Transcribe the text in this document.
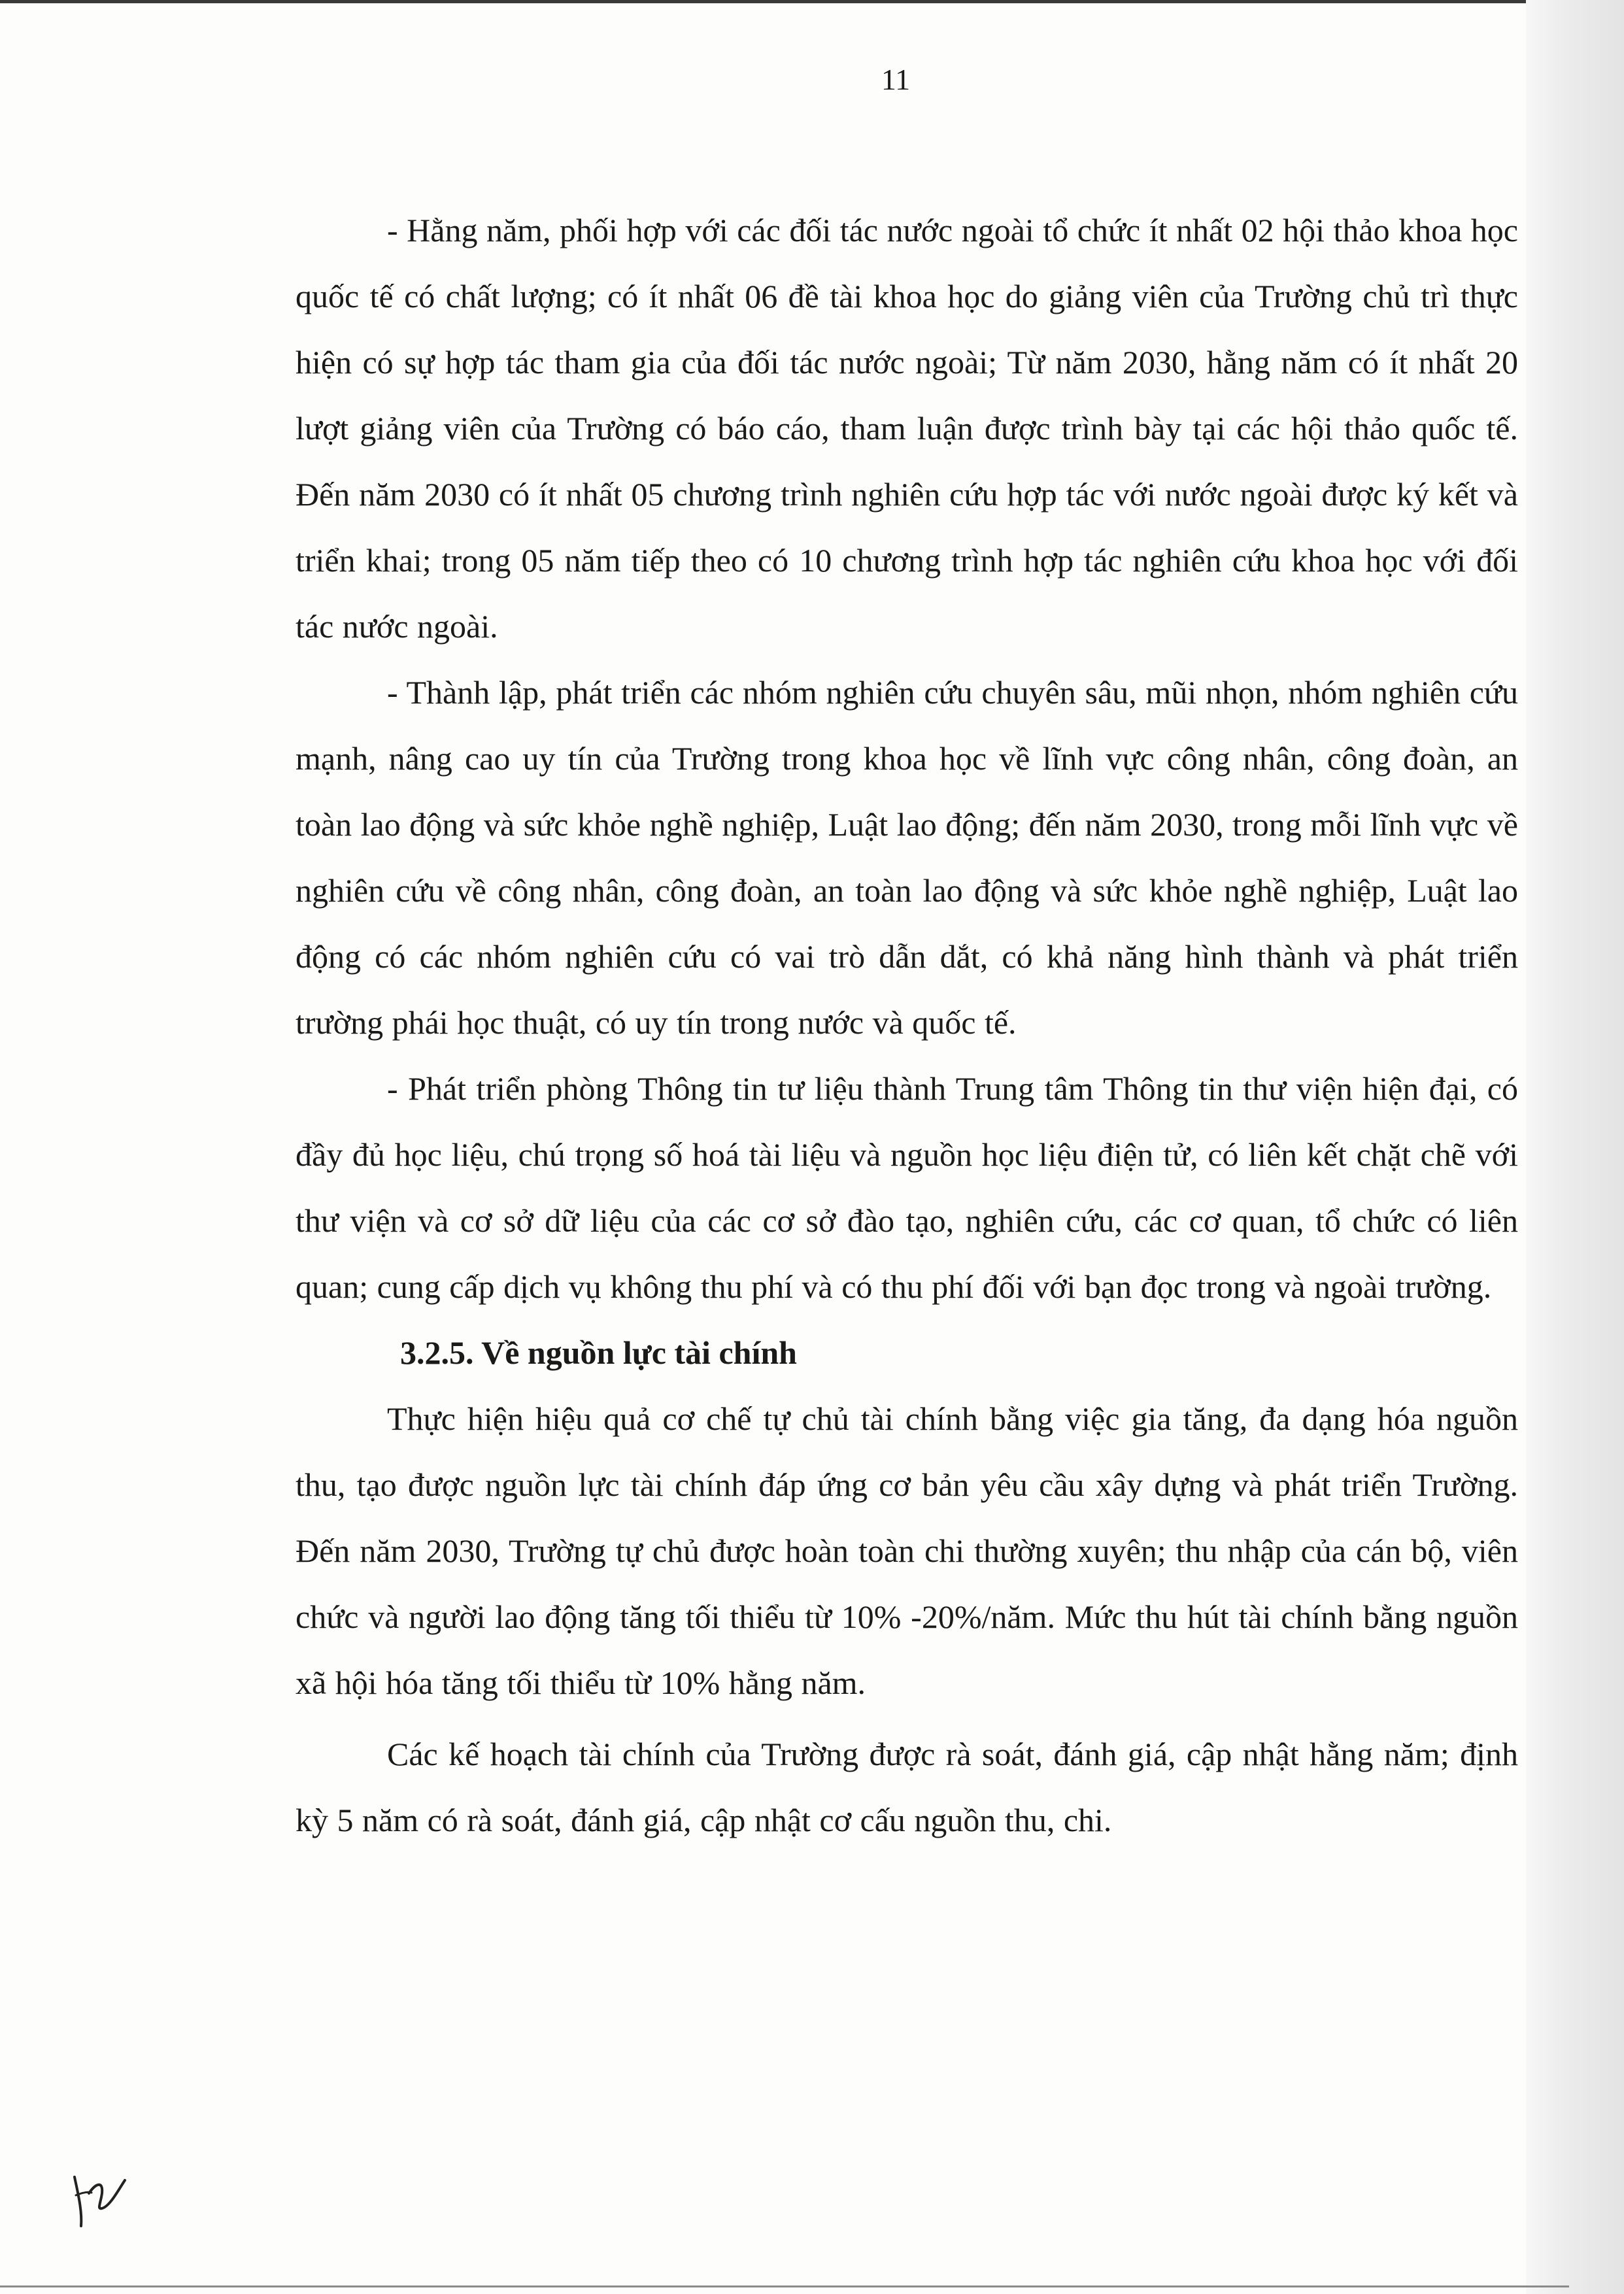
11

- Hằng năm, phối hợp với các đối tác nước ngoài tổ chức ít nhất 02 hội thảo khoa học quốc tế có chất lượng; có ít nhất 06 đề tài khoa học do giảng viên của Trường chủ trì thực hiện có sự hợp tác tham gia của đối tác nước ngoài; Từ năm 2030, hằng năm có ít nhất 20 lượt giảng viên của Trường có báo cáo, tham luận được trình bày tại các hội thảo quốc tế. Đến năm 2030 có ít nhất 05 chương trình nghiên cứu hợp tác với nước ngoài được ký kết và triển khai; trong 05 năm tiếp theo có 10 chương trình hợp tác nghiên cứu khoa học với đối tác nước ngoài.

- Thành lập, phát triển các nhóm nghiên cứu chuyên sâu, mũi nhọn, nhóm nghiên cứu mạnh, nâng cao uy tín của Trường trong khoa học về lĩnh vực công nhân, công đoàn, an toàn lao động và sức khỏe nghề nghiệp, Luật lao động; đến năm 2030, trong mỗi lĩnh vực về nghiên cứu về công nhân, công đoàn, an toàn lao động và sức khỏe nghề nghiệp, Luật lao động có các nhóm nghiên cứu có vai trò dẫn dắt, có khả năng hình thành và phát triển trường phái học thuật, có uy tín trong nước và quốc tế.

- Phát triển phòng Thông tin tư liệu thành Trung tâm Thông tin thư viện hiện đại, có đầy đủ học liệu, chú trọng số hoá tài liệu và nguồn học liệu điện tử, có liên kết chặt chẽ với thư viện và cơ sở dữ liệu của các cơ sở đào tạo, nghiên cứu, các cơ quan, tổ chức có liên quan; cung cấp dịch vụ không thu phí và có thu phí đối với bạn đọc trong và ngoài trường.

3.2.5. Về nguồn lực tài chính

Thực hiện hiệu quả cơ chế tự chủ tài chính bằng việc gia tăng, đa dạng hóa nguồn thu, tạo được nguồn lực tài chính đáp ứng cơ bản yêu cầu xây dựng và phát triển Trường. Đến năm 2030, Trường tự chủ được hoàn toàn chi thường xuyên; thu nhập của cán bộ, viên chức và người lao động tăng tối thiểu từ 10% -20%/năm. Mức thu hút tài chính bằng nguồn xã hội hóa tăng tối thiểu từ 10% hằng năm.

Các kế hoạch tài chính của Trường được rà soát, đánh giá, cập nhật hằng năm; định kỳ 5 năm có rà soát, đánh giá, cập nhật cơ cấu nguồn thu, chi.
